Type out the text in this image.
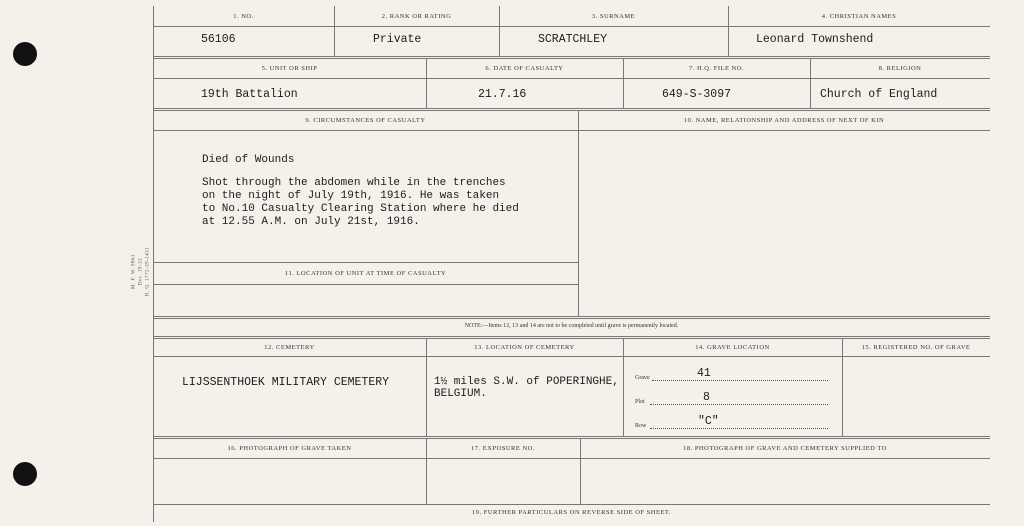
M. F. W. 9861 Dec. 19-32 H. Q. 1772-39-1431
1. NO.	2. RANK OR RATING	3. SURNAME	4. CHRISTIAN NAMES
56106	Private	SCRATCHLEY	Leonard Townshend
5. UNIT OR SHIP	6. DATE OF CASUALTY	7. H.Q. FILE NO.	8. RELIGION
19th Battalion	21.7.16	649-S-3097	Church of England
9. CIRCUMSTANCES OF CASUALTY
Died of Wounds
Shot through the abdomen while in the trenches
on the night of July 19th, 1916. He was taken
to No.10 Casualty Clearing Station where he died
at 12.55 A.M. on July 21st, 1916.
10. NAME, RELATIONSHIP AND ADDRESS OF NEXT OF KIN
11. LOCATION OF UNIT AT TIME OF CASUALTY
NOTE:—Items 12, 13 and 14 are not to be completed until grave is permanently located.
12. CEMETERY	13. LOCATION OF CEMETERY	14. GRAVE LOCATION	15. REGISTERED NO. OF GRAVE
LIJSSENTHOEK MILITARY CEMETERY	1½ miles S.W. of POPERINGHE,
BELGIUM.
Grave	41
Plot	8
Row	"C"
16. PHOTOGRAPH OF GRAVE TAKEN	17. EXPOSURE NO.	18. PHOTOGRAPH OF GRAVE AND CEMETERY SUPPLIED TO
19. FURTHER PARTICULARS ON REVERSE SIDE OF SHEET.
